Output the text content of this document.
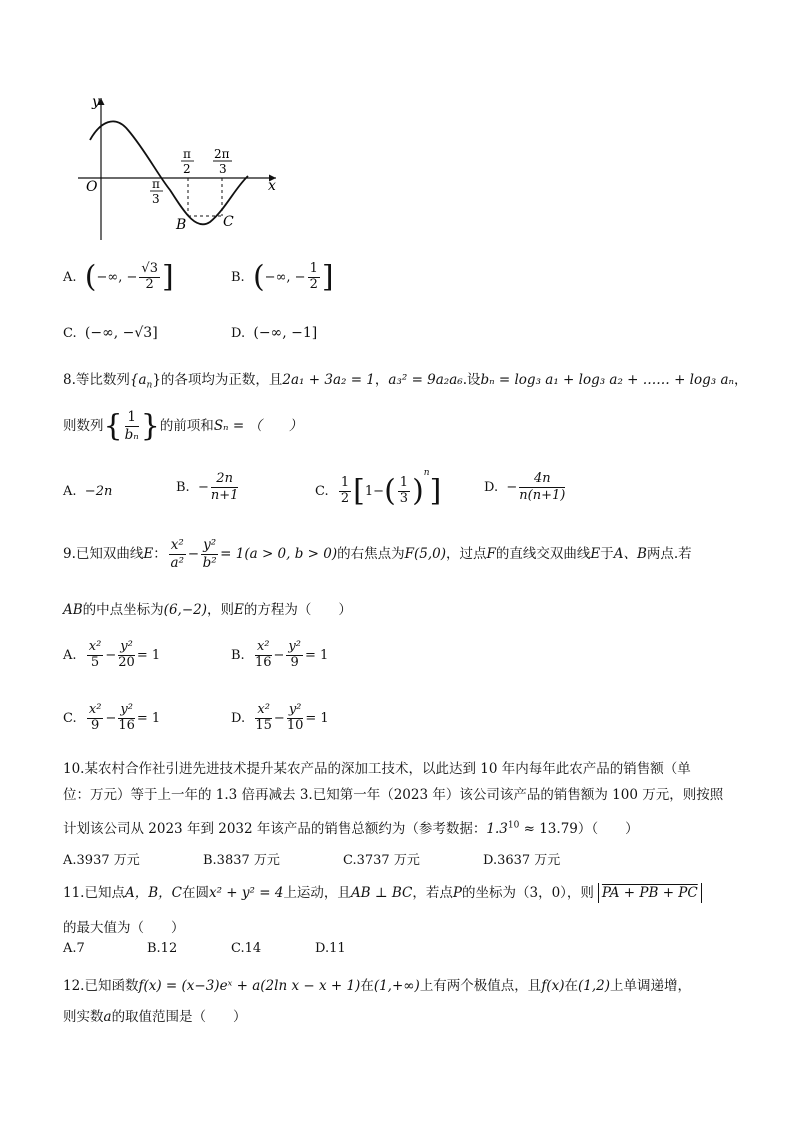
y
x
O	π
3
π
2
2π
3
B	C
A. (−∞, − $\frac{√3}{2}$ ]	B. (−∞, − $\frac{1}{2}$ ]
C. (−∞, −√3]	D. (−∞, −1]
8.等比数列$\{a_n\}$的各项均为正数，且2a₁ + 3a₂ = 1，a₃² = 9a₂a₆.设bₙ = log₃ a₁ + log₃ a₂ + …… + log₃ aₙ，
则数列{ $\frac{1}{\text{bₙ}}$}的前项和Sₙ = （　　）
A. −2n	B. − $\frac{2n}{n+1}$	C. $\frac{1}{2} [1-( \frac{1}{3} )^n]$	D. − $\frac{4n}{n(n+1)}$
9.已知双曲线E： $\frac{\text{x²}}{\text{a²}} - \frac{\text{y²}}{\text{b²}} = 1(a > 0$, b > 0)的右焦点为F(5,0)，过点F的直线交双曲线E于A、B两点.若
AB的中点坐标为(6,−2)，则E的方程为（　　）
A. $\frac{\text{x²}}{5} - \frac{\text{y²}}{20} = 1$	B. $\frac{\text{x²}}{16} - \frac{\text{y²}}{9} = 1$
C. $\frac{\text{x²}}{9} - \frac{\text{y²}}{16} = 1$	D. $\frac{\text{x²}}{15} - \frac{\text{y²}}{10} = 1$
10.某农村合作社引进先进技术提升某农产品的深加工技术，以此达到 10 年内每年此农产品的销售额（单
位：万元）等于上一年的 1.3 倍再减去 3.已知第一年（2023 年）该公司该产品的销售额为 100 万元，则按照
计划该公司从 2023 年到 2032 年该产品的销售总额约为（参考数据：$1.3^{10} \approx 13.79$）（　　）
A.3937 万元	B.3837 万元	C.3737 万元	D.3637 万元
11.已知点A，B，C在圆x² + y² = 4上运动，且AB ⊥ BC，若点P的坐标为（3，0），则 PA + PB + PC
的最大值为（　　）
A.7	B.12	C.14	D.11
12.已知函数f(x) = (x−3)eˣ + a(2ln x − x + 1)在(1,+∞)上有两个极值点，且f(x)在(1,2)上单调递增，
则实数a的取值范围是（　　）
